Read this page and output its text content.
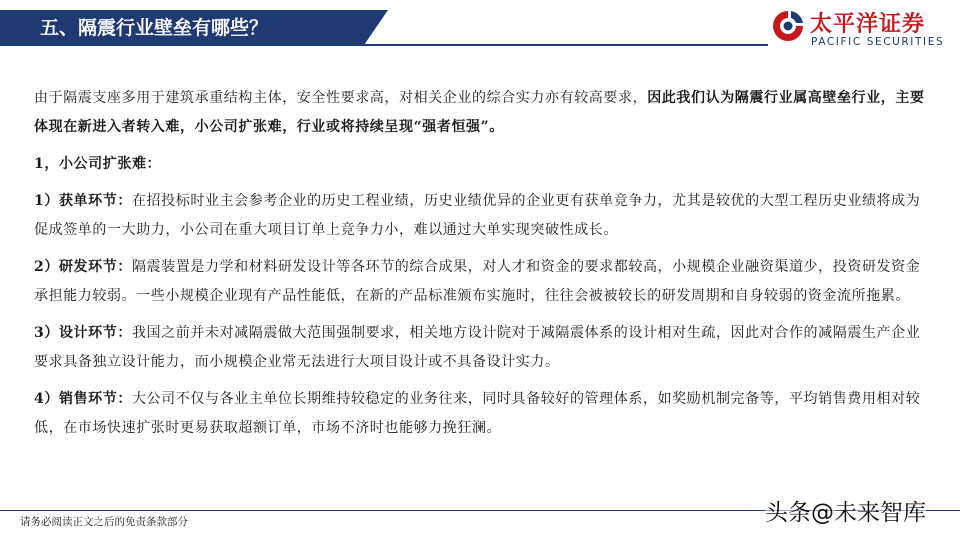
五、隔震行业壁垒有哪些？	太平洋证券
PACIFIC SECURITIES

由于隔震支座多用于建筑承重结构主体，安全性要求高，对相关企业的综合实力亦有较高要求，因此我们认为隔震行业属高壁垒行业，主要体现在新进入者转入难，小公司扩张难，行业或将持续呈现“强者恒强”。

1，小公司扩张难：

1）获单环节：在招投标时业主会参考企业的历史工程业绩，历史业绩优异的企业更有获单竞争力，尤其是较优的大型工程历史业绩将成为促成签单的一大助力，小公司在重大项目订单上竞争力小，难以通过大单实现突破性成长。

2）研发环节：隔震装置是力学和材料研发设计等各环节的综合成果，对人才和资金的要求都较高，小规模企业融资渠道少，投资研发资金承担能力较弱。一些小规模企业现有产品性能低，在新的产品标准颁布实施时，往往会被被较长的研发周期和自身较弱的资金流所拖累。

3）设计环节：我国之前并未对减隔震做大范围强制要求，相关地方设计院对于减隔震体系的设计相对生疏，因此对合作的减隔震生产企业要求具备独立设计能力，而小规模企业常无法进行大项目设计或不具备设计实力。

4）销售环节：大公司不仅与各业主单位长期维持较稳定的业务往来，同时具备较好的管理体系，如奖励机制完备等，平均销售费用相对较低，在市场快速扩张时更易获取超额订单，市场不济时也能够力挽狂澜。

请务必阅读正文之后的免责条款部分	头条@未来智库
